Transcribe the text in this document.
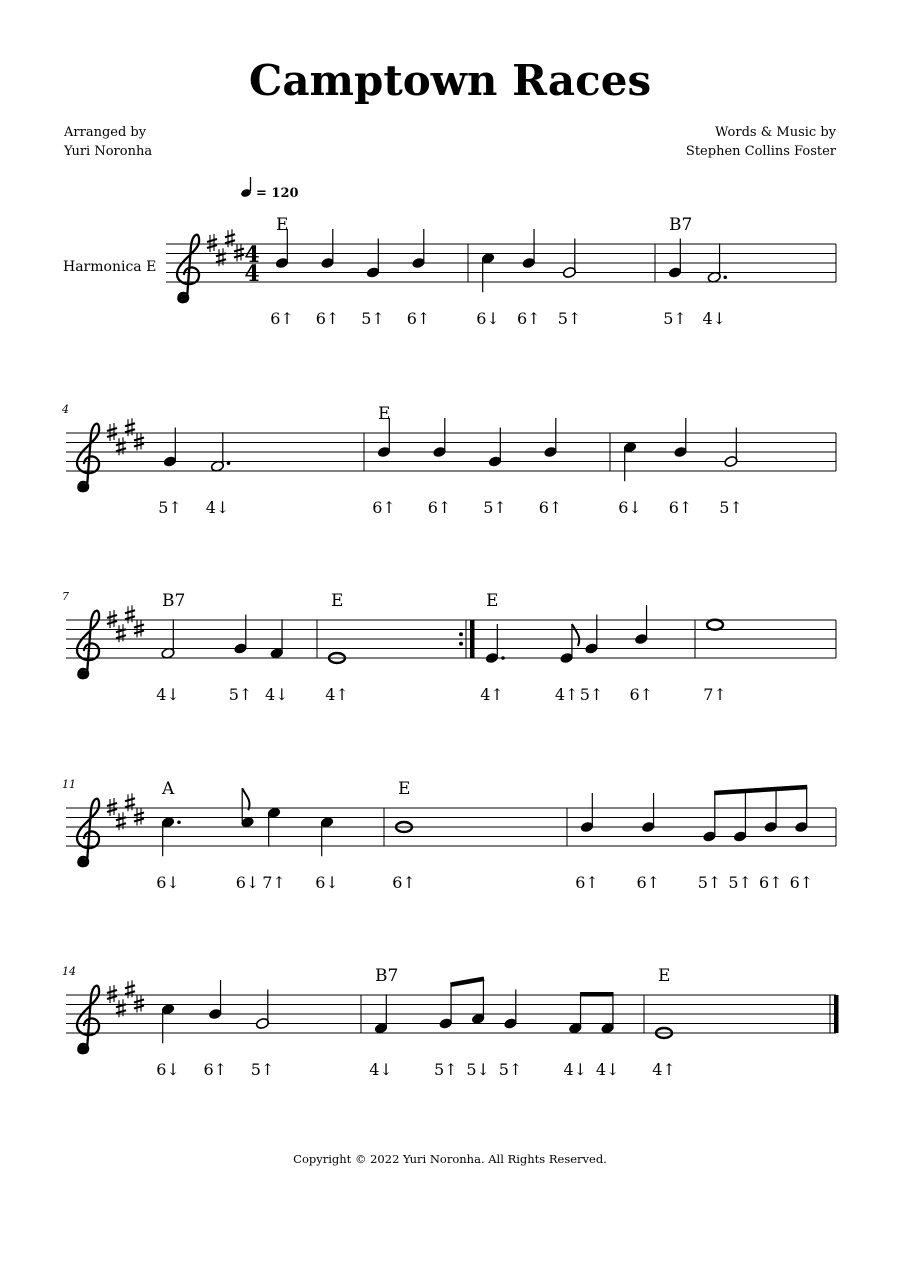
Camptown Races
Arranged by
Yuri Noronha
Words & Music by
Stephen Collins Foster
= 120
Harmonica E	4
4
6↑ 6↑ 5↑ 6↑	6↓ 6↑ 5↑	5↑ 4↓
E	B7
4
5↑ 4↓	6↑ 6↑ 5↑ 6↑	6↓ 6↑ 5↑
E
7
4↓	5↑ 4↓ 4↑	4↑	4↑ 5↑ 6↑	7↑
B7	E	E
11
6↓	6↓ 7↑ 6↓	6↑	6↑ 6↑ 5↑ 5↑ 6↑ 6↑
A	E
14
6↓ 6↑ 5↑	4↓	5↑ 5↓ 5↑	4↓ 4↓ 4↑
B7	E
Copyright © 2022 Yuri Noronha. All Rights Reserved.
